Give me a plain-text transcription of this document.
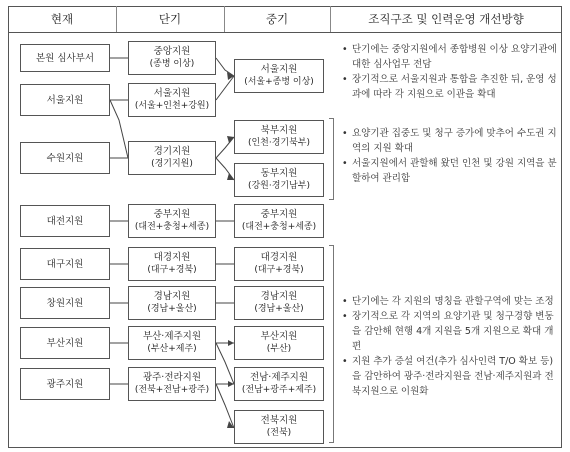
현재	단기	중기	조직구조 및 인력운영 개선방향
본원 심사부서
서울지원
수원지원
대전지원
대구지원
창원지원
부산지원
광주지원
중앙지원
(종병 이상)
서울지원
(서울+인천+강원)
경기지원
(경기지원)
중부지원
(대전+충청+세종)
대경지원
(대구+경북)
경남지원
(경남+울산)
부산·제주지원
(부산+제주)
광주·전라지원
(전북+전남+광주)
서울지원
(서울+종병 이상)
북부지원
(인천·경기북부)
동부지원
(강원·경기남부)
중부지원
(대전+충청+세종)
대경지원
(대구+경북)
경남지원
(경남+울산)
부산지원
(부산)
전남·제주지원
(전남+광주+제주)
전북지원
(전북)
• 단기에는 중앙지원에서 종합병원 이상 요양기관에 대한 심사업무 전담
• 장기적으로 서울지원과 통합을 추진한 뒤, 운영 성과에 따라 각 지원으로 이관을 확대
• 요양기관 집중도 및 청구 증가에 맞추어 수도권 지역의 지원 확대
• 서울지원에서 관할해 왔던 인천 및 강원 지역을 분할하여 관리함
• 단기에는 각 지원의 명칭을 관할구역에 맞는 조정
• 장기적으로 각 지역의 요양기관 및 청구경향 변동을 감안해 현행 4개 지원을 5개 지원으로 확대 개편
• 지원 추가 증설 여건(추가 심사인력 T/O 확보 등)을 감안하여 광주·전라지원을 전남·제주지원과 전북지원으로 이원화
